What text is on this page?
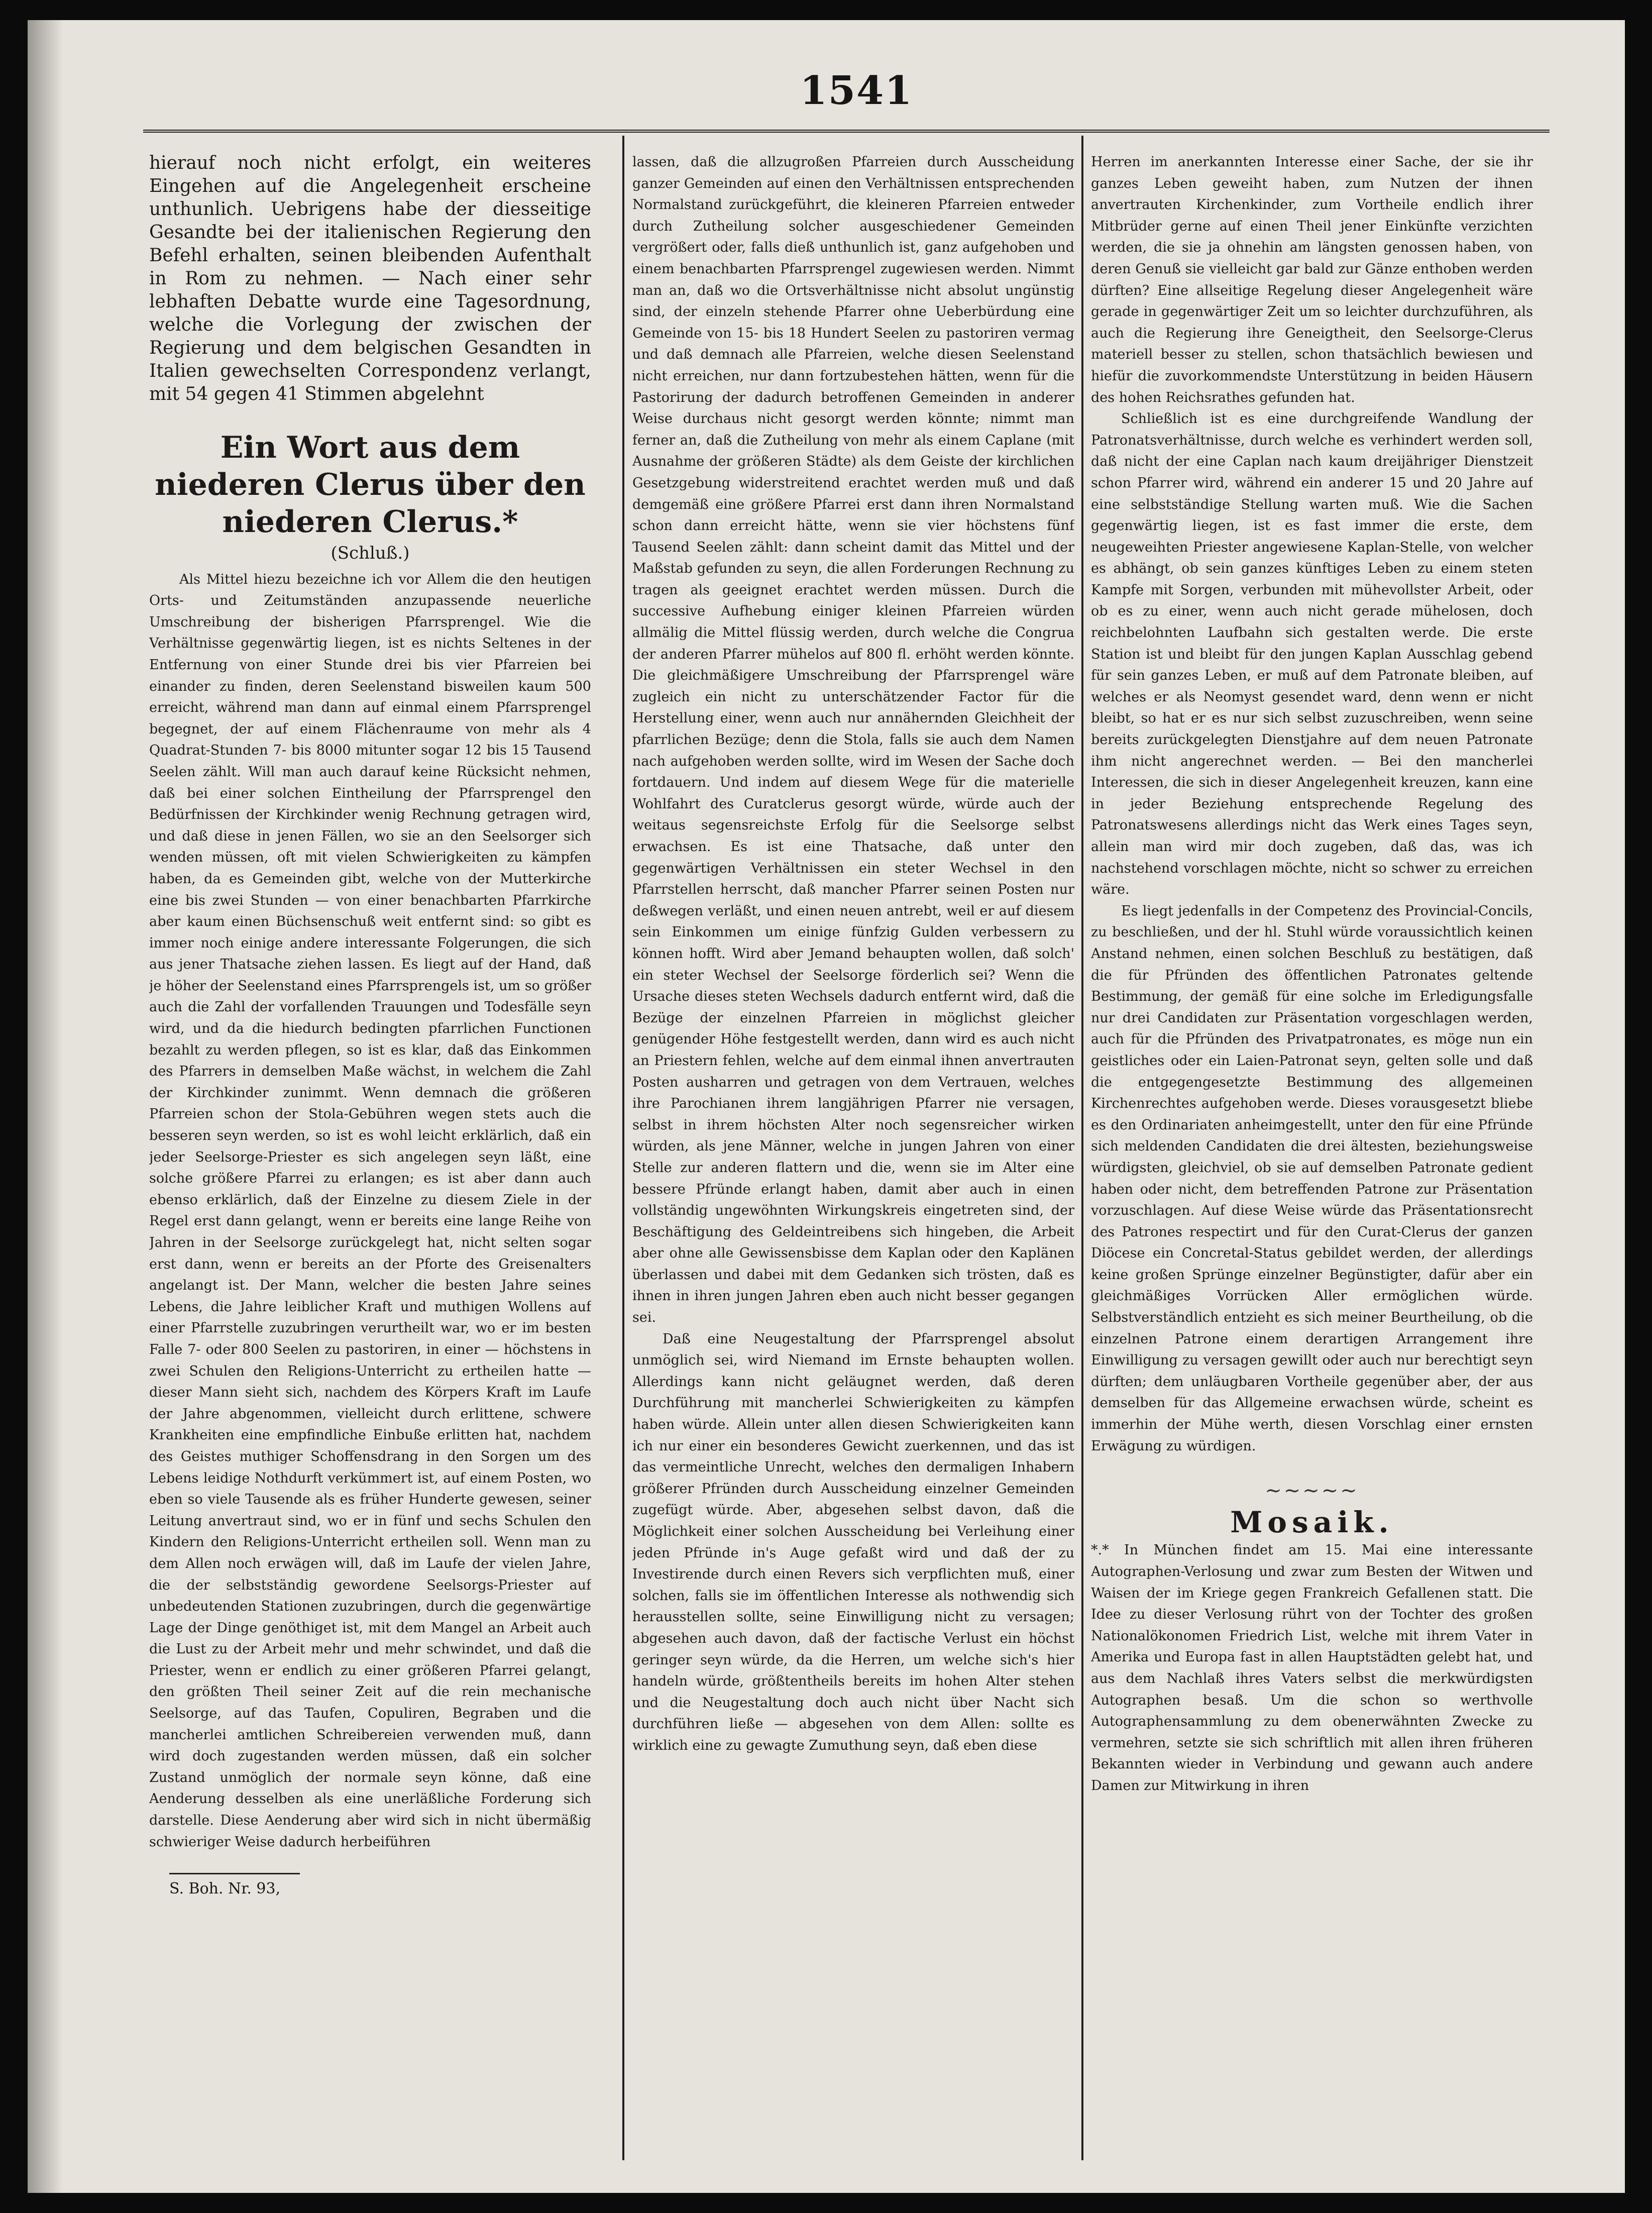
1541

hierauf noch nicht erfolgt, ein weiteres Eingehen auf die Angelegenheit erscheine unthunlich. Uebrigens habe der diesseitige Gesandte bei der italienischen Regierung den Befehl erhalten, seinen bleibenden Aufenthalt in Rom zu nehmen. — Nach einer sehr lebhaften Debatte wurde eine Tagesordnung, welche die Vorlegung der zwischen der Regierung und dem belgischen Gesandten in Italien gewechselten Correspondenz verlangt, mit 54 gegen 41 Stimmen abgelehnt

Ein Wort aus dem niederen Clerus über den niederen Clerus.*
(Schluß.)

Als Mittel hiezu bezeichne ich vor Allem die den heutigen Orts- und Zeitumständen anzupassende neuerliche Umschreibung der bisherigen Pfarrsprengel. Wie die Verhältnisse gegenwärtig liegen, ist es nichts Seltenes in der Entfernung von einer Stunde drei bis vier Pfarreien bei einander zu finden, deren Seelenstand bisweilen kaum 500 erreicht, während man dann auf einmal einem Pfarrsprengel begegnet, der auf einem Flächenraume von mehr als 4 Quadrat-Stunden 7- bis 8000 mitunter sogar 12 bis 15 Tausend Seelen zählt. Will man auch darauf keine Rücksicht nehmen, daß bei einer solchen Eintheilung der Pfarrsprengel den Bedürfnissen der Kirchkinder wenig Rechnung getragen wird, und daß diese in jenen Fällen, wo sie an den Seelsorger sich wenden müssen, oft mit vielen Schwierigkeiten zu kämpfen haben, da es Gemeinden gibt, welche von der Mutterkirche eine bis zwei Stunden — von einer benachbarten Pfarrkirche aber kaum einen Büchsenschuß weit entfernt sind: so gibt es immer noch einige andere interessante Folgerungen, die sich aus jener Thatsache ziehen lassen. Es liegt auf der Hand, daß je höher der Seelenstand eines Pfarrsprengels ist, um so größer auch die Zahl der vorfallenden Trauungen und Todesfälle seyn wird, und da die hiedurch bedingten pfarrlichen Functionen bezahlt zu werden pflegen, so ist es klar, daß das Einkommen des Pfarrers in demselben Maße wächst, in welchem die Zahl der Kirchkinder zunimmt. Wenn demnach die größeren Pfarreien schon der Stola-Gebühren wegen stets auch die besseren seyn werden, so ist es wohl leicht erklärlich, daß ein jeder Seelsorge-Priester es sich angelegen seyn läßt, eine solche größere Pfarrei zu erlangen; es ist aber dann auch ebenso erklärlich, daß der Einzelne zu diesem Ziele in der Regel erst dann gelangt, wenn er bereits eine lange Reihe von Jahren in der Seelsorge zurückgelegt hat, nicht selten sogar erst dann, wenn er bereits an der Pforte des Greisenalters angelangt ist. Der Mann, welcher die besten Jahre seines Lebens, die Jahre leiblicher Kraft und muthigen Wollens auf einer Pfarrstelle zuzubringen verurtheilt war, wo er im besten Falle 7- oder 800 Seelen zu pastoriren, in einer — höchstens in zwei Schulen den Religions-Unterricht zu ertheilen hatte — dieser Mann sieht sich, nachdem des Körpers Kraft im Laufe der Jahre abgenommen, vielleicht durch erlittene, schwere Krankheiten eine empfindliche Einbuße erlitten hat, nachdem des Geistes muthiger Schoffensdrang in den Sorgen um des Lebens leidige Nothdurft verkümmert ist, auf einem Posten, wo eben so viele Tausende als es früher Hunderte gewesen, seiner Leitung anvertraut sind, wo er in fünf und sechs Schulen den Kindern den Religions-Unterricht ertheilen soll. Wenn man zu dem Allen noch erwägen will, daß im Laufe der vielen Jahre, die der selbstständig gewordene Seelsorgs-Priester auf unbedeutenden Stationen zuzubringen, durch die gegenwärtige Lage der Dinge genöthiget ist, mit dem Mangel an Arbeit auch die Lust zu der Arbeit mehr und mehr schwindet, und daß die Priester, wenn er endlich zu einer größeren Pfarrei gelangt, den größten Theil seiner Zeit auf die rein mechanische Seelsorge, auf das Taufen, Copuliren, Begraben und die mancherlei amtlichen Schreibereien verwenden muß, dann wird doch zugestanden werden müssen, daß ein solcher Zustand unmöglich der normale seyn könne, daß eine Aenderung desselben als eine unerläßliche Forderung sich darstelle. Diese Aenderung aber wird sich in nicht übermäßig schwieriger Weise dadurch herbeiführen

S. Boh. Nr. 93,

lassen, daß die allzugroßen Pfarreien durch Ausscheidung ganzer Gemeinden auf einen den Verhältnissen entsprechenden Normalstand zurückgeführt, die kleineren Pfarreien entweder durch Zutheilung solcher ausgeschiedener Gemeinden vergrößert oder, falls dieß unthunlich ist, ganz aufgehoben und einem benachbarten Pfarrsprengel zugewiesen werden. Nimmt man an, daß wo die Ortsverhältnisse nicht absolut ungünstig sind, der einzeln stehende Pfarrer ohne Ueberbürdung eine Gemeinde von 15- bis 18 Hundert Seelen zu pastoriren vermag und daß demnach alle Pfarreien, welche diesen Seelenstand nicht erreichen, nur dann fortzubestehen hätten, wenn für die Pastorirung der dadurch betroffenen Gemeinden in anderer Weise durchaus nicht gesorgt werden könnte; nimmt man ferner an, daß die Zutheilung von mehr als einem Caplane (mit Ausnahme der größeren Städte) als dem Geiste der kirchlichen Gesetzgebung widerstreitend erachtet werden muß und daß demgemäß eine größere Pfarrei erst dann ihren Normalstand schon dann erreicht hätte, wenn sie vier höchstens fünf Tausend Seelen zählt: dann scheint damit das Mittel und der Maßstab gefunden zu seyn, die allen Forderungen Rechnung zu tragen als geeignet erachtet werden müssen. Durch die successive Aufhebung einiger kleinen Pfarreien würden allmälig die Mittel flüssig werden, durch welche die Congrua der anderen Pfarrer mühelos auf 800 fl. erhöht werden könnte. Die gleichmäßigere Umschreibung der Pfarrsprengel wäre zugleich ein nicht zu unterschätzender Factor für die Herstellung einer, wenn auch nur annähernden Gleichheit der pfarrlichen Bezüge; denn die Stola, falls sie auch dem Namen nach aufgehoben werden sollte, wird im Wesen der Sache doch fortdauern. Und indem auf diesem Wege für die materielle Wohlfahrt des Curatclerus gesorgt würde, würde auch der weitaus segensreichste Erfolg für die Seelsorge selbst erwachsen. Es ist eine Thatsache, daß unter den gegenwärtigen Verhältnissen ein steter Wechsel in den Pfarrstellen herrscht, daß mancher Pfarrer seinen Posten nur deßwegen verläßt, und einen neuen antrebt, weil er auf diesem sein Einkommen um einige fünfzig Gulden verbessern zu können hofft. Wird aber Jemand behaupten wollen, daß solch' ein steter Wechsel der Seelsorge förderlich sei? Wenn die Ursache dieses steten Wechsels dadurch entfernt wird, daß die Bezüge der einzelnen Pfarreien in möglichst gleicher genügender Höhe festgestellt werden, dann wird es auch nicht an Priestern fehlen, welche auf dem einmal ihnen anvertrauten Posten ausharren und getragen von dem Vertrauen, welches ihre Parochianen ihrem langjährigen Pfarrer nie versagen, selbst in ihrem höchsten Alter noch segensreicher wirken würden, als jene Männer, welche in jungen Jahren von einer Stelle zur anderen flattern und die, wenn sie im Alter eine bessere Pfründe erlangt haben, damit aber auch in einen vollständig ungewöhnten Wirkungskreis eingetreten sind, der Beschäftigung des Geldeintreibens sich hingeben, die Arbeit aber ohne alle Gewissensbisse dem Kaplan oder den Kaplänen überlassen und dabei mit dem Gedanken sich trösten, daß es ihnen in ihren jungen Jahren eben auch nicht besser gegangen sei.

Daß eine Neugestaltung der Pfarrsprengel absolut unmöglich sei, wird Niemand im Ernste behaupten wollen. Allerdings kann nicht geläugnet werden, daß deren Durchführung mit mancherlei Schwierigkeiten zu kämpfen haben würde. Allein unter allen diesen Schwierigkeiten kann ich nur einer ein besonderes Gewicht zuerkennen, und das ist das vermeintliche Unrecht, welches den dermaligen Inhabern größerer Pfründen durch Ausscheidung einzelner Gemeinden zugefügt würde. Aber, abgesehen selbst davon, daß die Möglichkeit einer solchen Ausscheidung bei Verleihung einer jeden Pfründe in's Auge gefaßt wird und daß der zu Investirende durch einen Revers sich verpflichten muß, einer solchen, falls sie im öffentlichen Interesse als nothwendig sich herausstellen sollte, seine Einwilligung nicht zu versagen; abgesehen auch davon, daß der factische Verlust ein höchst geringer seyn würde, da die Herren, um welche sich's hier handeln würde, größtentheils bereits im hohen Alter stehen und die Neugestaltung doch auch nicht über Nacht sich durchführen ließe — abgesehen von dem Allen: sollte es wirklich eine zu gewagte Zumuthung seyn, daß eben diese

Herren im anerkannten Interesse einer Sache, der sie ihr ganzes Leben geweiht haben, zum Nutzen der ihnen anvertrauten Kirchenkinder, zum Vortheile endlich ihrer Mitbrüder gerne auf einen Theil jener Einkünfte verzichten werden, die sie ja ohnehin am längsten genossen haben, von deren Genuß sie vielleicht gar bald zur Gänze enthoben werden dürften? Eine allseitige Regelung dieser Angelegenheit wäre gerade in gegenwärtiger Zeit um so leichter durchzuführen, als auch die Regierung ihre Geneigtheit, den Seelsorge-Clerus materiell besser zu stellen, schon thatsächlich bewiesen und hiefür die zuvorkommendste Unterstützung in beiden Häusern des hohen Reichsrathes gefunden hat.

Schließlich ist es eine durchgreifende Wandlung der Patronatsverhältnisse, durch welche es verhindert werden soll, daß nicht der eine Caplan nach kaum dreijähriger Dienstzeit schon Pfarrer wird, während ein anderer 15 und 20 Jahre auf eine selbstständige Stellung warten muß. Wie die Sachen gegenwärtig liegen, ist es fast immer die erste, dem neugeweihten Priester angewiesene Kaplan-Stelle, von welcher es abhängt, ob sein ganzes künftiges Leben zu einem steten Kampfe mit Sorgen, verbunden mit mühevollster Arbeit, oder ob es zu einer, wenn auch nicht gerade mühelosen, doch reichbelohnten Laufbahn sich gestalten werde. Die erste Station ist und bleibt für den jungen Kaplan Ausschlag gebend für sein ganzes Leben, er muß auf dem Patronate bleiben, auf welches er als Neomyst gesendet ward, denn wenn er nicht bleibt, so hat er es nur sich selbst zuzuschreiben, wenn seine bereits zurückgelegten Dienstjahre auf dem neuen Patronate ihm nicht angerechnet werden. — Bei den mancherlei Interessen, die sich in dieser Angelegenheit kreuzen, kann eine in jeder Beziehung entsprechende Regelung des Patronatswesens allerdings nicht das Werk eines Tages seyn, allein man wird mir doch zugeben, daß das, was ich nachstehend vorschlagen möchte, nicht so schwer zu erreichen wäre.

Es liegt jedenfalls in der Competenz des Provincial-Concils, zu beschließen, und der hl. Stuhl würde voraussichtlich keinen Anstand nehmen, einen solchen Beschluß zu bestätigen, daß die für Pfründen des öffentlichen Patronates geltende Bestimmung, der gemäß für eine solche im Erledigungsfalle nur drei Candidaten zur Präsentation vorgeschlagen werden, auch für die Pfründen des Privatpatronates, es möge nun ein geistliches oder ein Laien-Patronat seyn, gelten solle und daß die entgegengesetzte Bestimmung des allgemeinen Kirchenrechtes aufgehoben werde. Dieses vorausgesetzt bliebe es den Ordinariaten anheimgestellt, unter den für eine Pfründe sich meldenden Candidaten die drei ältesten, beziehungsweise würdigsten, gleichviel, ob sie auf demselben Patronate gedient haben oder nicht, dem betreffenden Patrone zur Präsentation vorzuschlagen. Auf diese Weise würde das Präsentationsrecht des Patrones respectirt und für den Curat-Clerus der ganzen Diöcese ein Concretal-Status gebildet werden, der allerdings keine großen Sprünge einzelner Begünstigter, dafür aber ein gleichmäßiges Vorrücken Aller ermöglichen würde. Selbstverständlich entzieht es sich meiner Beurtheilung, ob die einzelnen Patrone einem derartigen Arrangement ihre Einwilligung zu versagen gewillt oder auch nur berechtigt seyn dürften; dem unläugbaren Vortheile gegenüber aber, der aus demselben für das Allgemeine erwachsen würde, scheint es immerhin der Mühe werth, diesen Vorschlag einer ernsten Erwägung zu würdigen.

~~~~~
Mosaik.

*.* In München findet am 15. Mai eine interessante Autographen-Verlosung und zwar zum Besten der Witwen und Waisen der im Kriege gegen Frankreich Gefallenen statt. Die Idee zu dieser Verlosung rührt von der Tochter des großen Nationalökonomen Friedrich List, welche mit ihrem Vater in Amerika und Europa fast in allen Hauptstädten gelebt hat, und aus dem Nachlaß ihres Vaters selbst die merkwürdigsten Autographen besaß. Um die schon so werthvolle Autographensammlung zu dem obenerwähnten Zwecke zu vermehren, setzte sie sich schriftlich mit allen ihren früheren Bekannten wieder in Verbindung und gewann auch andere Damen zur Mitwirkung in ihren
